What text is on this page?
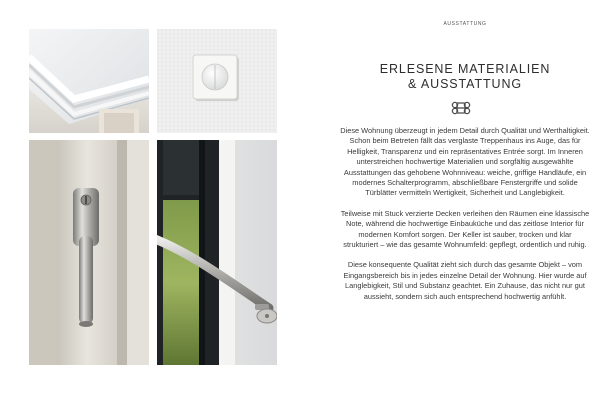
AUSSTATTUNG
ERLESENE MATERIALIEN
& AUSSTATTUNG

Diese Wohnung überzeugt in jedem Detail durch Qualität und Werthaltigkeit. Schon beim Betreten fällt das verglaste Treppenhaus ins Auge, das für Helligkeit, Transparenz und ein repräsentatives Entrée sorgt. Im Inneren unterstreichen hochwertige Materialien und sorgfältig ausgewählte Ausstattungen das gehobene Wohnniveau: weiche, griffige Handläufe, ein modernes Schalterprogramm, abschließbare Fenstergriffe und solide Türblätter vermitteln Wertigkeit, Sicherheit und Langlebigkeit.

Teilweise mit Stuck verzierte Decken verleihen den Räumen eine klassische Note, während die hochwertige Einbauküche und das zeitlose Interior für modernen Komfort sorgen. Der Keller ist sauber, trocken und klar strukturiert – wie das gesamte Wohnumfeld: gepflegt, ordentlich und ruhig.

Diese konsequente Qualität zieht sich durch das gesamte Objekt – vom Eingangsbereich bis in jedes einzelne Detail der Wohnung. Hier wurde auf Langlebigkeit, Stil und Substanz geachtet. Ein Zuhause, das nicht nur gut aussieht, sondern sich auch entsprechend hochwertig anfühlt.
